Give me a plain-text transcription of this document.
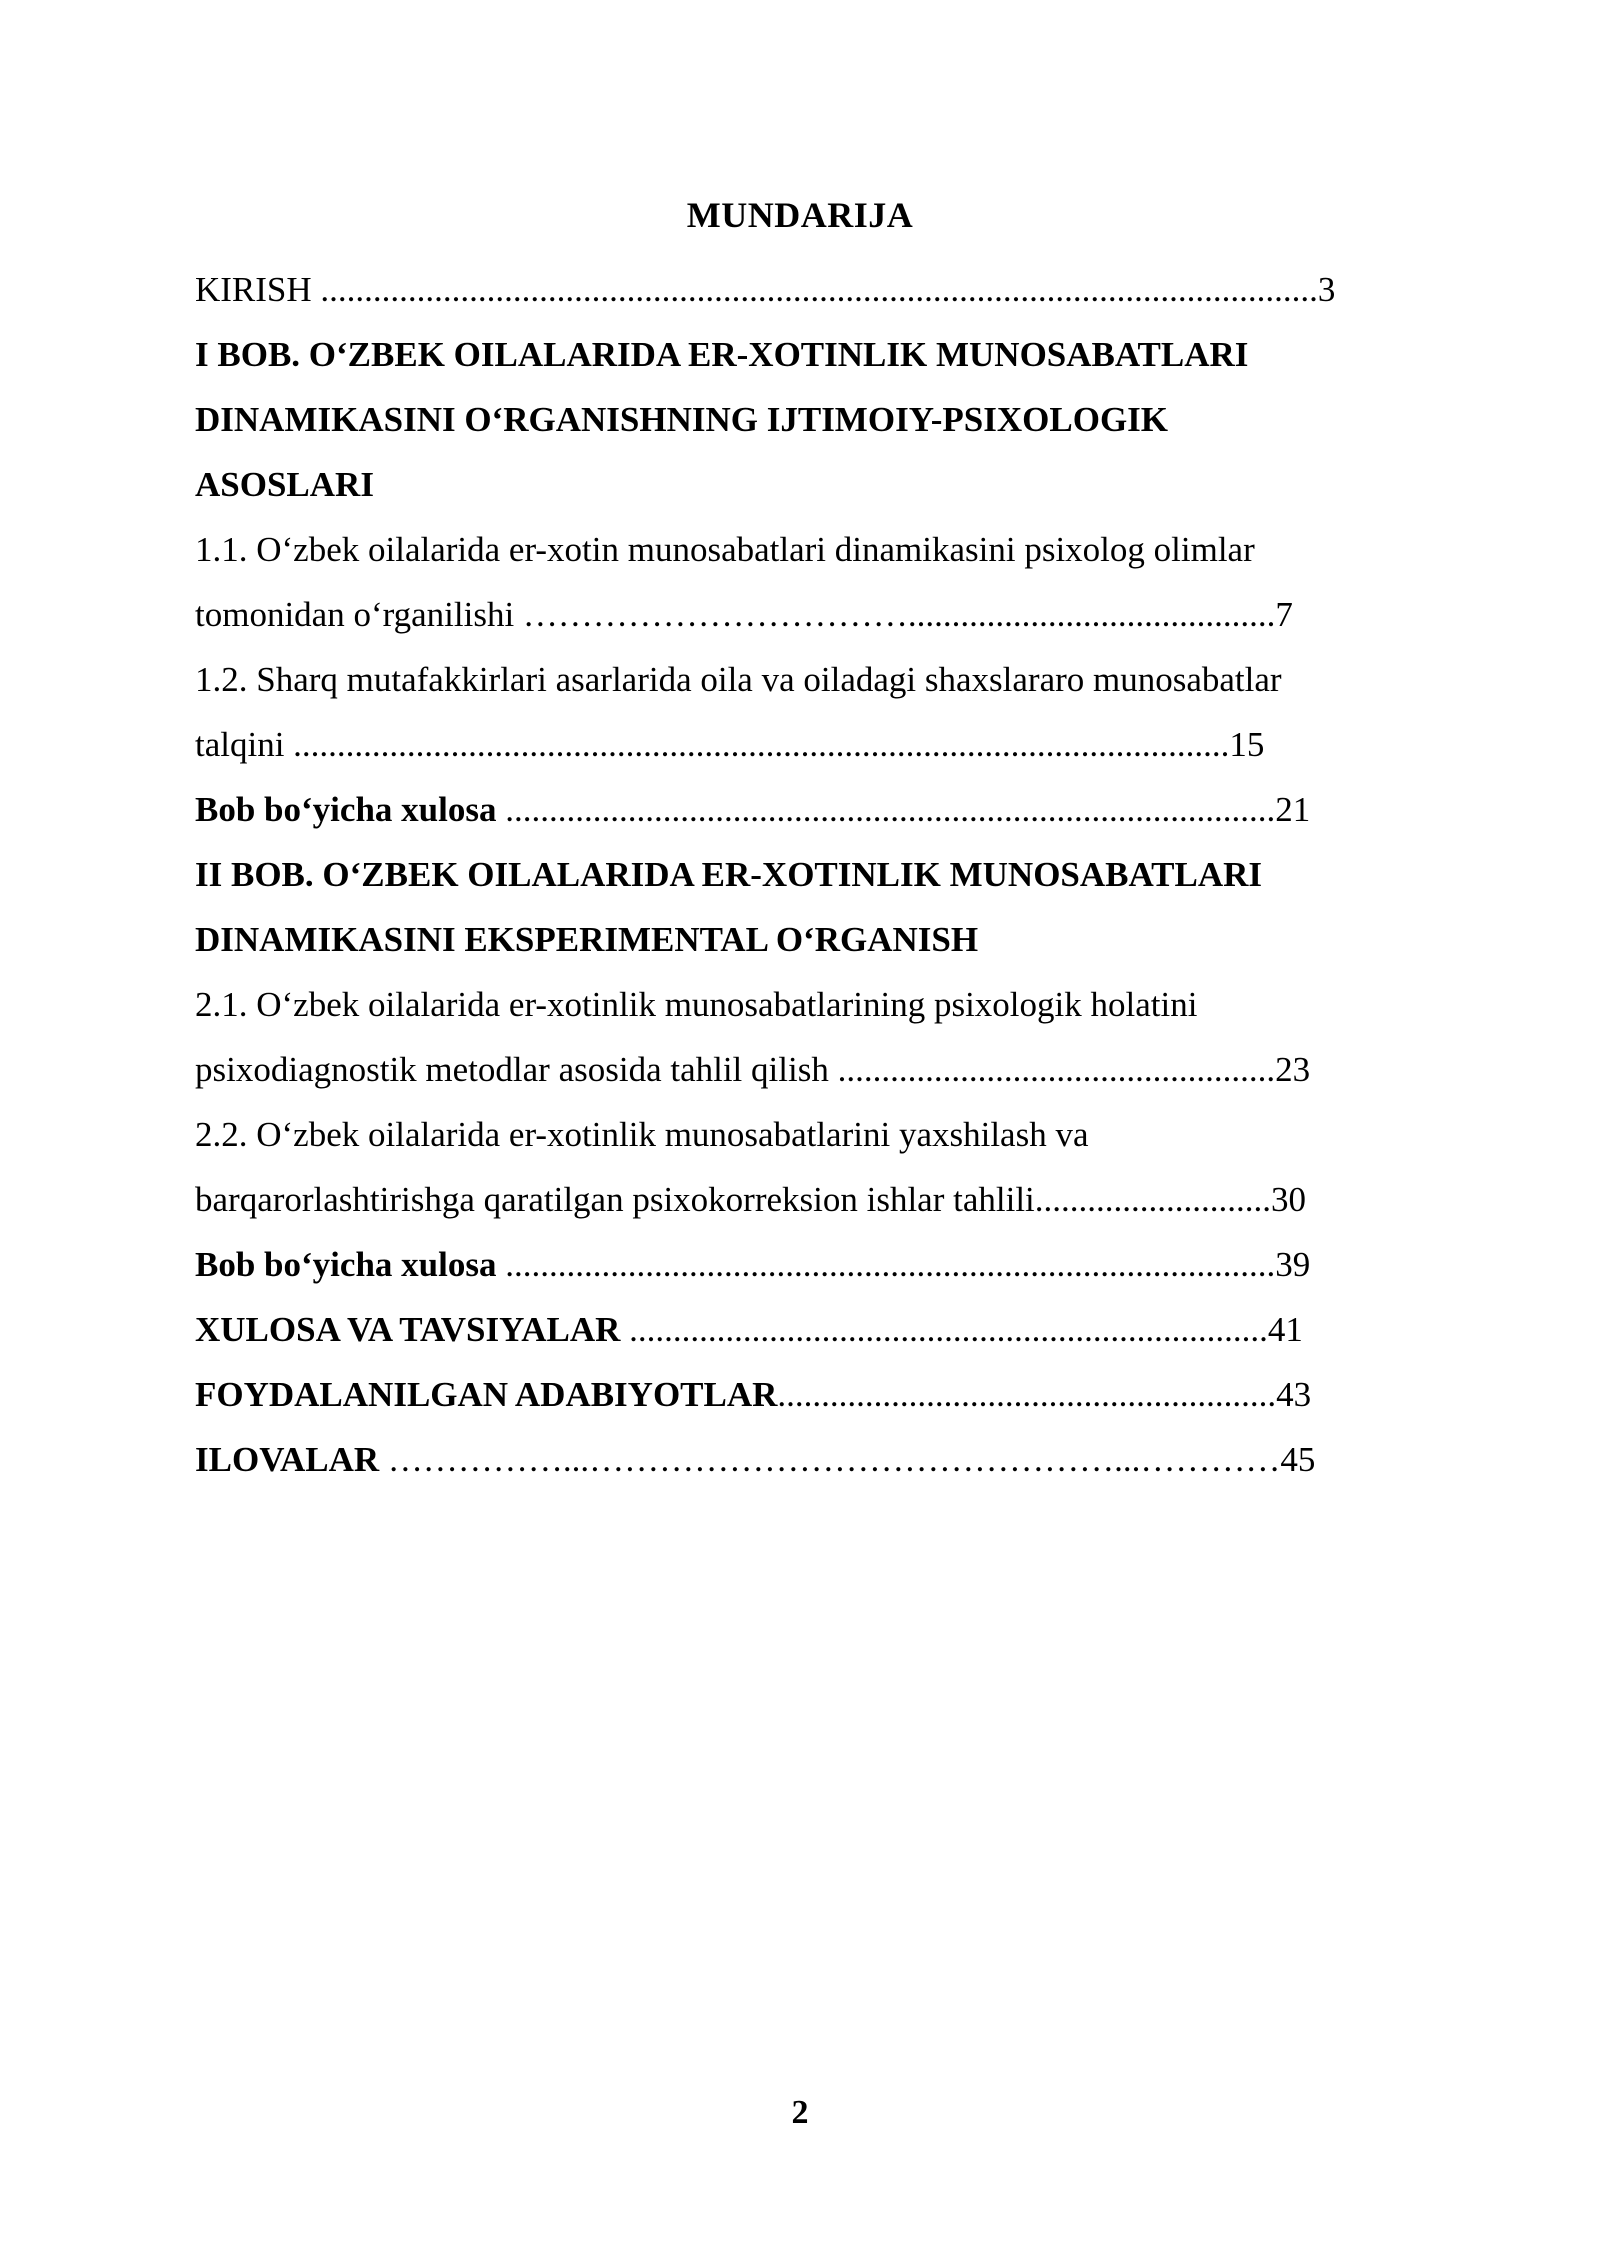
MUNDARIJA
KIRISH ..................................................................................................................3
I BOB. O‘ZBEK OILALARIDA ER-XOTINLIK MUNOSABATLARI
DINAMIKASINI O‘RGANISHNING IJTIMOIY-PSIXOLOGIK
ASOSLARI
1.1. O‘zbek oilalarida er-xotin munosabatlari dinamikasini psixolog olimlar
tomonidan o‘rganilishi ……………………………..........................................7
1.2. Sharq mutafakkirlari asarlarida oila va oiladagi shaxslararo munosabatlar
talqini ...........................................................................................................15
Bob bo‘yicha xulosa ........................................................................................21
II BOB. O‘ZBEK OILALARIDA ER-XOTINLIK MUNOSABATLARI
DINAMIKASINI EKSPERIMENTAL O‘RGANISH
2.1. O‘zbek oilalarida er-xotinlik munosabatlarining psixologik holatini
psixodiagnostik metodlar asosida tahlil qilish ..................................................23
2.2. O‘zbek oilalarida er-xotinlik munosabatlarini yaxshilash va
barqarorlashtirishga qaratilgan psixokorreksion ishlar tahlili...........................30
Bob bo‘yicha xulosa ........................................................................................39
XULOSA VA TAVSIYALAR .........................................................................41
FOYDALANILGAN ADABIYOTLAR.........................................................43
ILOVALAR ……………...………………………………………...…………45
2
